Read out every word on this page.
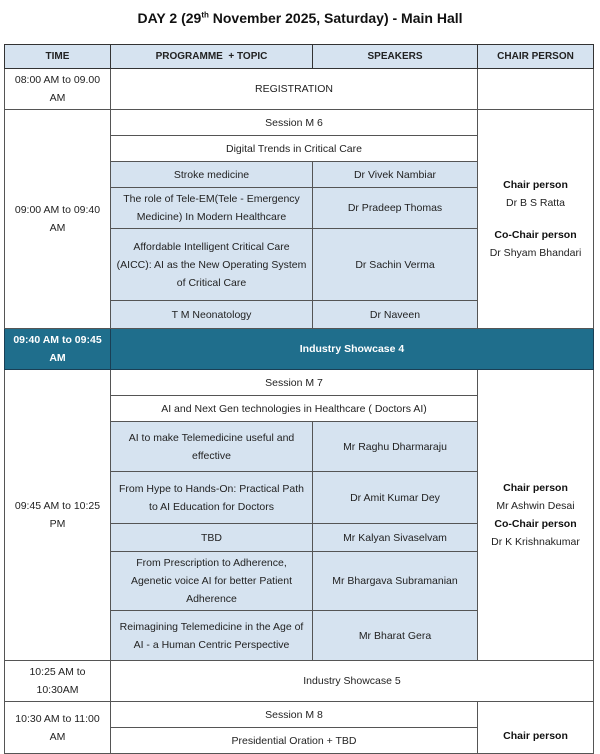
DAY 2 (29th November 2025, Saturday) - Main Hall
TIME	PROGRAMME  + TOPIC	SPEAKERS	CHAIR PERSON
08:00 AM to 09.00 AM	REGISTRATION		
09:00 AM to 09:40 AM	Session M 6		Chair person
Dr B S Ratta
Co-Chair person
Dr Shyam Bhandari

	Digital Trends in Critical Care		
	Stroke medicine	Dr Vivek Nambiar	
	The role of Tele-EM(Tele - Emergency Medicine) In Modern Healthcare	Dr Pradeep Thomas	
	Affordable Intelligent Critical Care (AICC): AI as the New Operating System of Critical Care	Dr Sachin Verma	
	T M Neonatology	Dr Naveen	
09:40 AM to 09:45 AM	Industry Showcase 4		
09:45 AM to 10:25 PM	Session M 7		Chair person
Mr Ashwin Desai
Co-Chair person
Dr K Krishnakumar

	AI and Next Gen technologies in Healthcare ( Doctors AI)		
	AI to make Telemedicine useful and effective	Mr Raghu Dharmaraju	
	From Hype to Hands-On: Practical Path to AI Education for Doctors	Dr Amit Kumar Dey	
	TBD	Mr Kalyan Sivaselvam	
	From Prescription to Adherence, Agenetic voice AI for better Patient Adherence	Mr Bhargava Subramanian	
	Reimagining Telemedicine in the Age of AI - a Human Centric Perspective	Mr Bharat Gera	
10:25 AM to 10:30AM	Industry Showcase 5		
10:30 AM to 11:00 AM	Session M 8		Chair person

	Presidential Oration + TBD		
